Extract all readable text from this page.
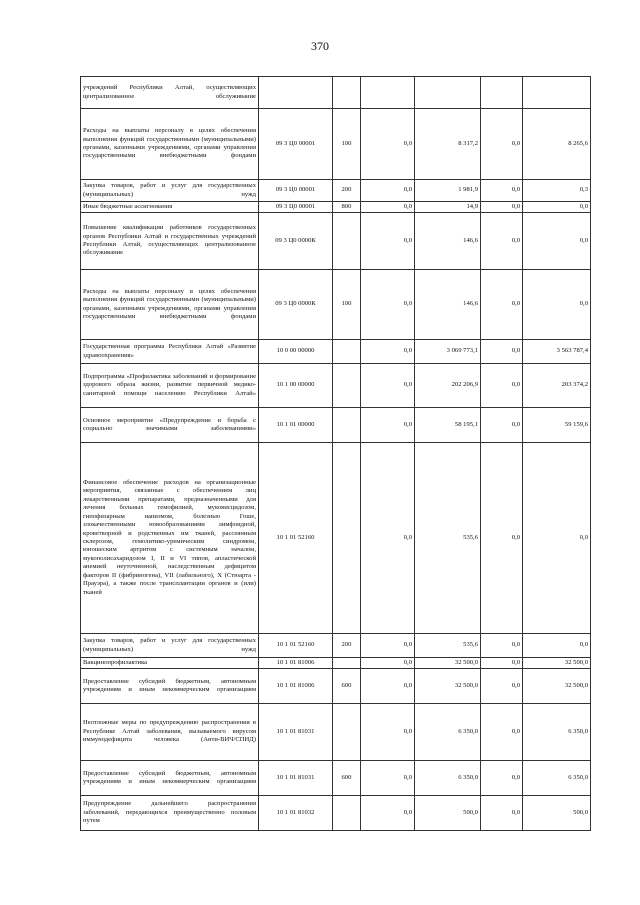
370
учреждений Республики Алтай, осуществляющих централизованное обслуживание						
Расходы на выплаты персоналу в целях обеспечения выполнения функций государственными (муниципальными) органами, казенными учреждениями, органами управления государственными внебюджетными фондами	09 3 Ц0 00001	100	0,0	8 317,2	0,0	8 265,6
Закупка товаров, работ и услуг для государственных (муниципальных) нужд	09 3 Ц0 00001	200	0,0	1 981,9	0,0	0,3
Иные бюджетные ассигнования	09 3 Ц0 00001	800	0,0	14,9	0,0	0,0
Повышение квалификации работников государственных органов Республики Алтай и государственных учреждений Республики Алтай, осуществляющих централизованное обслуживание	09 3 Ц0 0000К		0,0	146,6	0,0	0,0
Расходы на выплаты персоналу в целях обеспечения выполнения функций государственными (муниципальными) органами, казенными учреждениями, органами управления государственными внебюджетными фондами	09 3 Ц0 0000К	100	0,0	146,6	0,0	0,0
Государственная программа Республики Алтай «Развитие здравоохранения»	10 0 00 00000		0,0	3 069 773,1	0,0	3 563 787,4
Подпрограмма «Профилактика заболеваний и формирование здорового образа жизни, развитие первичной медико-санитарной помощи населению Республики Алтай»	10 1 00 00000		0,0	202 206,9	0,0	203 374,2
Основное мероприятие «Предупреждение и борьба с социально значимыми заболеваниями»	10 1 01 00000		0,0	58 195,1	0,0	59 159,6
Финансовое обеспечение расходов на организационные мероприятия, связанные с обеспечением лиц лекарственными препаратами, предназначенными для лечения больных гемофилией, муковисцидозом, гипофизарным нанизмом, болезнью Гоше, злокачественными новообразованиями лимфоидной, кроветворной и родственных им тканей, рассеянным склерозом, гемолитико-уремическим синдромом, юношеским артритом с системным началом, мукополисахаридозом I, II и VI типов, апластической анемией неуточненной, наследственным дефицитом факторов II (фибриногена), VII (лабильного), X (Стюарта - Прауэра), а также после трансплантации органов и (или) тканей	10 1 01 52160		0,0	535,6	0,0	0,0
Закупка товаров, работ и услуг для государственных (муниципальных) нужд	10 1 01 52160	200	0,0	535,6	0,0	0,0
Вакцинопрофилактика	10 1 01 81006		0,0	32 500,0	0,0	32 500,0
Предоставление субсидий бюджетным, автономным учреждениям и иным некоммерческим организациям	10 1 01 81006	600	0,0	32 500,0	0,0	32 500,0
Неотложные меры по предупреждению распространения в Республике Алтай заболевания, вызываемого вирусом иммунодефицита человека (Анти-ВИЧ/СПИД)	10 1 01 81031		0,0	6 350,0	0,0	6 350,0
Предоставление субсидий бюджетным, автономным учреждениям и иным некоммерческим организациям	10 1 01 81031	600	0,0	6 350,0	0,0	6 350,0
Предупреждение дальнейшего распространения заболеваний, передающихся преимущественно половым путем	10 1 01 81032		0,0	500,0	0,0	500,0
